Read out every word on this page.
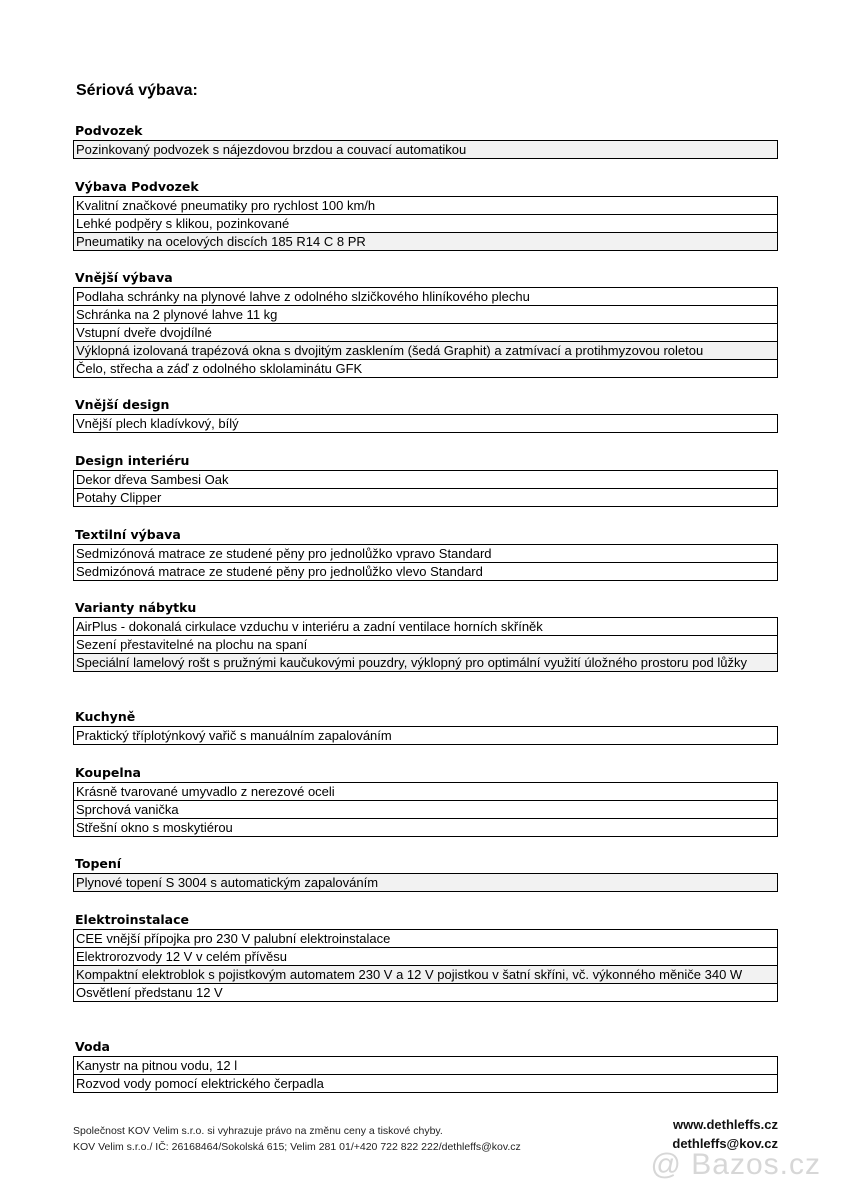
Sériová výbava:
Podvozek
Pozinkovaný podvozek s nájezdovou brzdou a couvací automatikou
Výbava Podvozek
Kvalitní značkové pneumatiky pro rychlost 100 km/h
Lehké podpěry s klikou, pozinkované
Pneumatiky na ocelových discích 185 R14 C 8 PR
Vnější výbava
Podlaha schránky na plynové lahve z odolného slzičkového hliníkového plechu
Schránka na 2 plynové lahve 11 kg
Vstupní dveře dvojdílné
Výklopná izolovaná trapézová okna s dvojitým zasklením (šedá Graphit) a zatmívací a protihmyzovou roletou
Čelo, střecha a záď z odolného sklolaminátu GFK
Vnější design
Vnější plech kladívkový, bílý
Design interiéru
Dekor dřeva Sambesi Oak
Potahy Clipper
Textilní výbava
Sedmizónová matrace ze studené pěny pro jednolůžko vpravo Standard
Sedmizónová matrace ze studené pěny pro jednolůžko vlevo Standard
Varianty nábytku
AirPlus - dokonalá cirkulace vzduchu v interiéru a zadní ventilace horních skříněk
Sezení přestavitelné na plochu na spaní
Speciální lamelový rošt s pružnými kaučukovými pouzdry, výklopný pro optimální využití úložného prostoru pod lůžky
Kuchyně
Praktický tříplotýnkový vařič s manuálním zapalováním
Koupelna
Krásně tvarované umyvadlo z nerezové oceli
Sprchová vanička
Střešní okno s moskytiérou
Topení
Plynové topení S 3004 s automatickým zapalováním
Elektroinstalace
CEE vnější přípojka pro 230 V palubní elektroinstalace
Elektrorozvody 12 V v celém přívěsu
Kompaktní elektroblok s pojistkovým automatem 230 V a 12 V pojistkou v šatní skříni, vč. výkonného měniče 340 W
Osvětlení předstanu 12 V
Voda
Kanystr na pitnou vodu, 12 l
Rozvod vody pomocí elektrického čerpadla
Společnost KOV Velim s.r.o. si vyhrazuje právo na změnu ceny a tiskové chyby.
KOV Velim s.r.o./ IČ: 26168464/Sokolská 615; Velim 281 01/+420 722 822 222/dethleffs@kov.cz
www.dethleffs.cz
dethleffs@kov.cz
@ Bazos.cz
